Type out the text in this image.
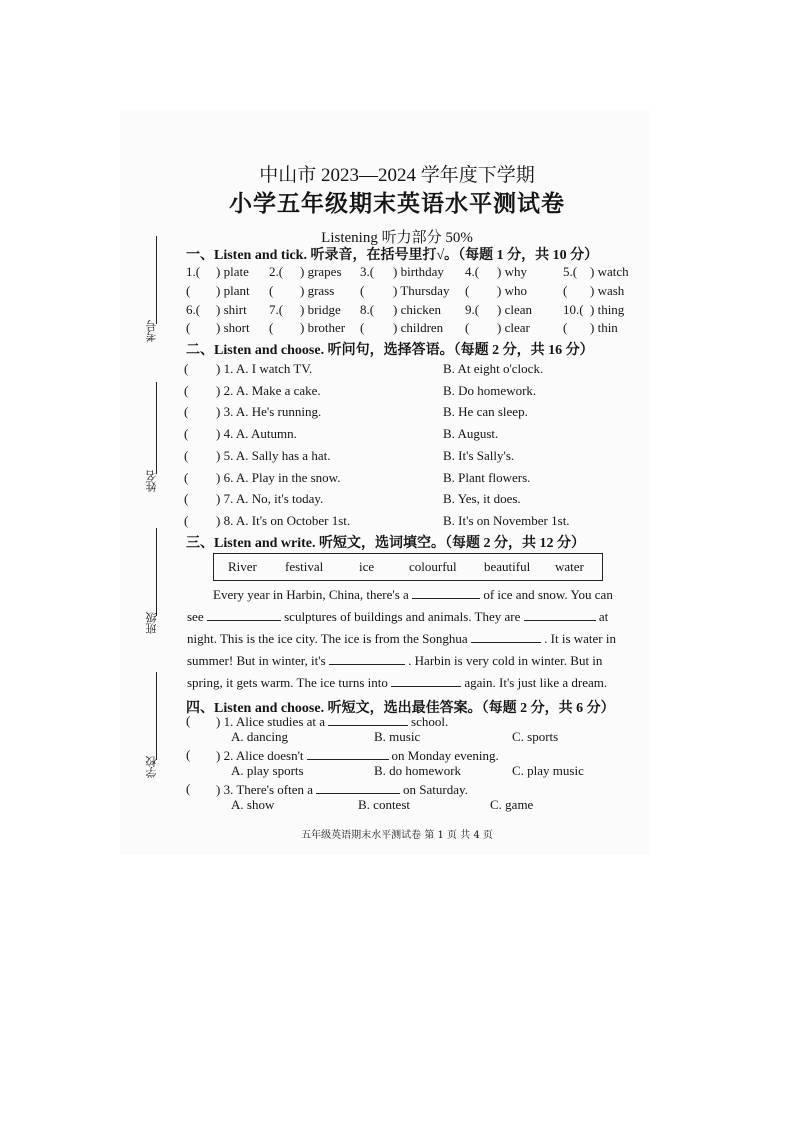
中山市 2023—2024 学年度下学期
小学五年级期末英语水平测试卷
Listening 听力部分 50%
考号
姓名
班级
学校
一、Listen and tick. 听录音，在括号里打√。（每题 1 分，共 10 分）
1.( ) plate 2.( ) grapes 3.( ) birthday 4.( ) why	5.( ) watch
( ) plant ( ) grass ( ) Thursday ( ) who	( ) wash
6.( ) shirt 7.( ) bridge 8.( ) chicken 9.( ) clean 10.( ) thing
( ) short ( ) brother ( ) children ( ) clear	( ) thin
二、Listen and choose. 听问句，选择答语。（每题 2 分，共 16 分）
( ) 1. A. I watch TV.	B. At eight o'clock.
( ) 2. A. Make a cake.	B. Do homework.
( ) 3. A. He's running.	B. He can sleep.
( ) 4. A. Autumn.	B. August.
( ) 5. A. Sally has a hat.	B. It's Sally's.
( ) 6. A. Play in the snow.	B. Plant flowers.
( ) 7. A. No, it's today.	B. Yes, it does.
( ) 8. A. It's on October 1st.	B. It's on November 1st.
三、Listen and write. 听短文，选词填空。（每题 2 分，共 12 分）
River festival	ice	colourful beautiful water
Every year in Harbin, China, there's a	of ice and snow. You can
see	sculptures of buildings and animals. They are	at
night. This is the ice city. The ice is from the Songhua	. It is water in
summer! But in winter, it's	. Harbin is very cold in winter. But in
spring, it gets warm. The ice turns into	again. It's just like a dream.
四、Listen and choose. 听短文，选出最佳答案。（每题 2 分，共 6 分）
( ) 1. Alice studies at a	school.
A. dancing	B. music	C. sports
( ) 2. Alice doesn't	on Monday evening.
A. play sports	B. do homework	C. play music
( ) 3. There's often a	on Saturday.
A. show	B. contest	C. game
五年级英语期末水平测试卷 第 1 页 共 4 页
